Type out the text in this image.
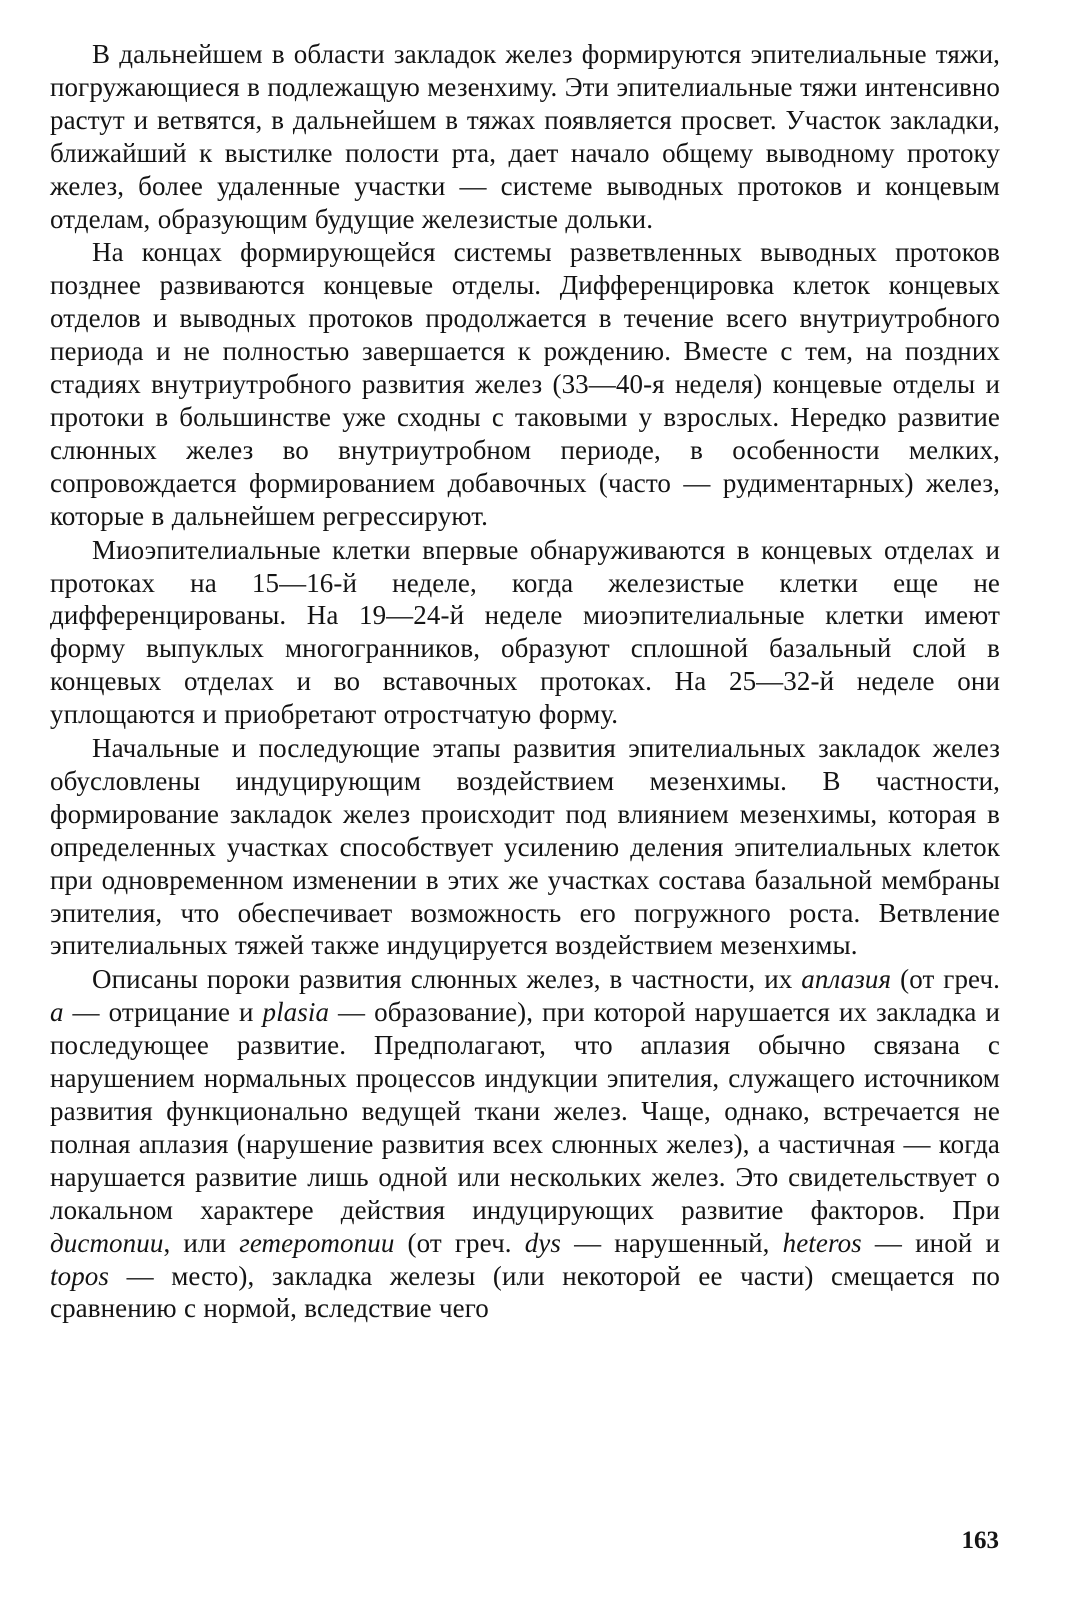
В дальнейшем в области закладок желез формируются эпителиальные тяжи, погружающиеся в подлежащую мезенхиму. Эти эпителиальные тяжи интенсивно растут и ветвятся, в дальнейшем в тяжах появляется просвет. Участок закладки, ближайший к выстилке полости рта, дает начало общему выводному протоку желез, более удаленные участки — системе выводных протоков и концевым отделам, образующим будущие железистые дольки.

На концах формирующейся системы разветвленных выводных протоков позднее развиваются концевые отделы. Дифференцировка клеток концевых отделов и выводных протоков продолжается в течение всего внутриутробного периода и не полностью завершается к рождению. Вместе с тем, на поздних стадиях внутриутробного развития желез (33—40-я неделя) концевые отделы и протоки в большинстве уже сходны с таковыми у взрослых. Нередко развитие слюнных желез во внутриутробном периоде, в особенности мелких, сопровождается формированием добавочных (часто — рудиментарных) желез, которые в дальнейшем регрессируют.

Миоэпителиальные клетки впервые обнаруживаются в концевых отделах и протоках на 15—16-й неделе, когда железистые клетки еще не дифференцированы. На 19—24-й неделе миоэпителиальные клетки имеют форму выпуклых многогранников, образуют сплошной базальный слой в концевых отделах и во вставочных протоках. На 25—32-й неделе они уплощаются и приобретают отростчатую форму.

Начальные и последующие этапы развития эпителиальных закладок желез обусловлены индуцирующим воздействием мезенхимы. В частности, формирование закладок желез происходит под влиянием мезенхимы, которая в определенных участках способствует усилению деления эпителиальных клеток при одновременном изменении в этих же участках состава базальной мембраны эпителия, что обеспечивает возможность его погружного роста. Ветвление эпителиальных тяжей также индуцируется воздействием мезенхимы.

Описаны пороки развития слюнных желез, в частности, их аплазия (от греч. а — отрицание и plasia — образование), при которой нарушается их закладка и последующее развитие. Предполагают, что аплазия обычно связана с нарушением нормальных процессов индукции эпителия, служащего источником развития функционально ведущей ткани желез. Чаще, однако, встречается не полная аплазия (нарушение развития всех слюнных желез), а частичная — когда нарушается развитие лишь одной или нескольких желез. Это свидетельствует о локальном характере действия индуцирующих развитие факторов. При дистопии, или гетеротопии (от греч. dys — нарушенный, heteros — иной и topos — место), закладка железы (или некоторой ее части) смещается по сравнению с нормой, вследствие чего

163
